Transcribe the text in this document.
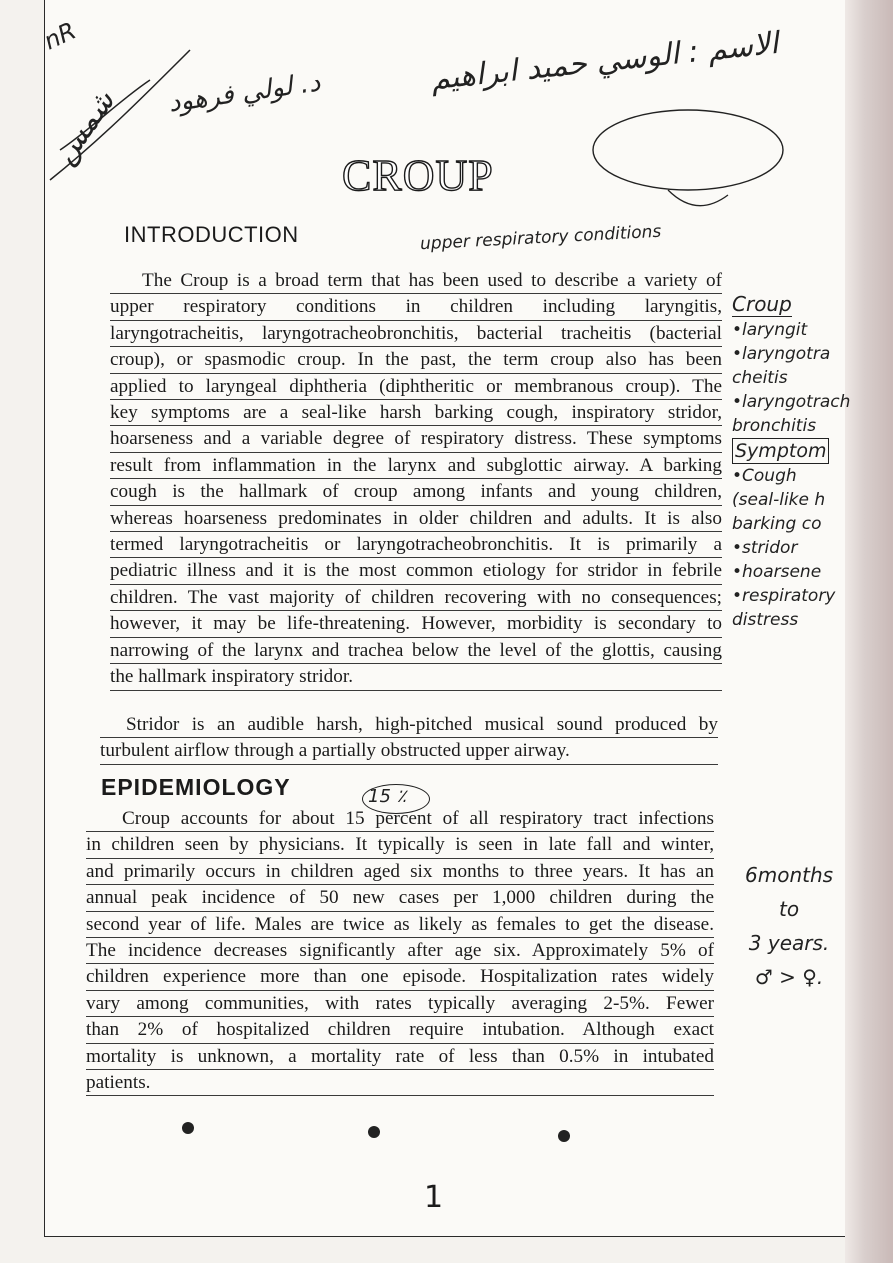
nR	الاسم : الوسي حميد ابراهيم
د. لولي فرهود
شمس
CROUP
INTRODUCTION	upper respiratory conditions
The Croup is a broad term that has been used to describe a variety of
upper respiratory conditions in children including laryngitis,
laryngotracheitis, laryngotracheobronchitis, bacterial tracheitis (bacterial
croup), or spasmodic croup. In the past, the term croup also has been
applied to laryngeal diphtheria (diphtheritic or membranous croup). The
key symptoms are a seal-like harsh barking cough, inspiratory stridor,
hoarseness and a variable degree of respiratory distress. These symptoms
result from inflammation in the larynx and subglottic airway. A barking
cough is the hallmark of croup among infants and young children,
whereas hoarseness predominates in older children and adults. It is also
termed laryngotracheitis or laryngotracheobronchitis. It is primarily a
pediatric illness and it is the most common etiology for stridor in febrile
children. The vast majority of children recovering with no consequences;
however, it may be life-threatening. However, morbidity is secondary to
narrowing of the larynx and trachea below the level of the glottis, causing
the hallmark inspiratory stridor.
Stridor is an audible harsh, high-pitched musical sound produced by
turbulent airflow through a partially obstructed upper airway.
EPIDEMIOLOGY	15 ٪
Croup accounts for about 15 percent of all respiratory tract infections
in children seen by physicians. It typically is seen in late fall and winter,
and primarily occurs in children aged six months to three years. It has an
annual peak incidence of 50 new cases per 1,000 children during the
second year of life. Males are twice as likely as females to get the disease.
The incidence decreases significantly after age six. Approximately 5% of
children experience more than one episode. Hospitalization rates widely
vary among communities, with rates typically averaging 2-5%. Fewer
than 2% of hospitalized children require intubation. Although exact
mortality is unknown, a mortality rate of less than 0.5% in intubated
patients.
Croup
•laryngit
•laryngotra
cheitis
•laryngotrach
bronchitis
Symptom
•Cough
(seal-like h
barking co
•stridor
•hoarsene
•respiratory
distress
6months
to
3 years.
♂ > ♀.
1
